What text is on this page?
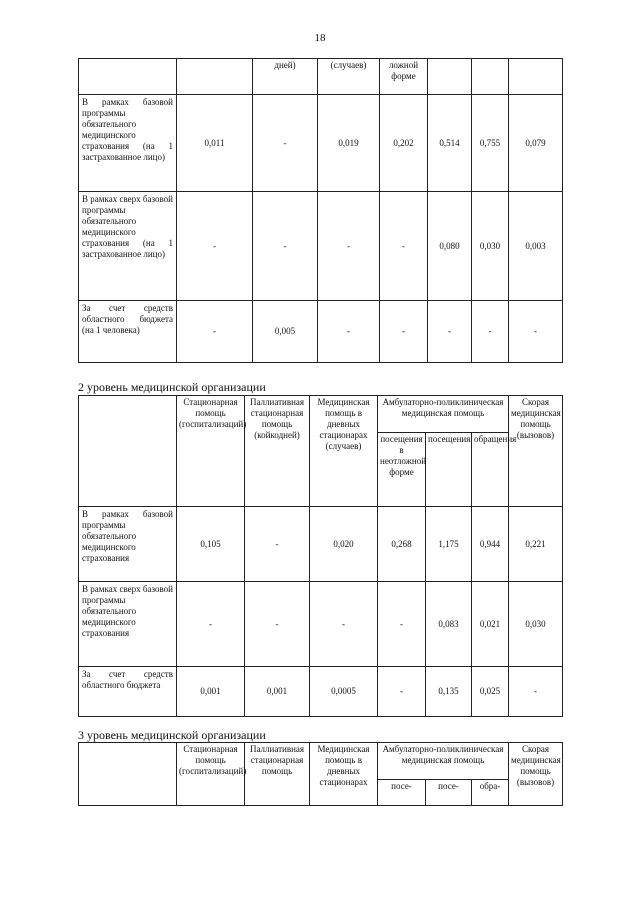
18
		дней)	(случаев)	ложной форме			
В рамках базовой программы обязательного медицинского страхования (на 1 застрахованное лицо)	0,011	-	0,019	0,202	0,514	0,755	0,079
В рамках сверх базовой программы обязательного медицинского страхования (на 1 застрахованное лицо)	-	-	-	-	0,080	0,030	0,003
За счет средств областного бюджета (на 1 человека)	-	0,005	-	-	-	-	-
2 уровень медицинской организации
	Стационарная помощь (госпитализаций)	Паллиативная стационарная помощь (койкодней)	Медицинская помощь в дневных стационарах (случаев)	Амбулаторно-поликлиническая медицинская помощь			Скорая медицинская помощь (вызовов)
				посещения в неотложной форме	посещения	обращения	
В рамках базовой программы обязательного медицинского страхования	0,105	-	0,020	0,268	1,175	0,944	0,221
В рамках сверх базовой программы обязательного медицинского страхования	-	-	-	-	0,083	0,021	0,030
За счет средств областного бюджета	0,001	0,001	0,0005	-	0,135	0,025	-
3 уровень медицинской организации
	Стационарная помощь (госпитализаций)	Паллиативная стационарная помощь	Медицинская помощь в дневных стационарах	Амбулаторно-поликлиническая медицинская помощь			Скорая медицинская помощь (вызовов)
				посе-	посе-	обра-	
